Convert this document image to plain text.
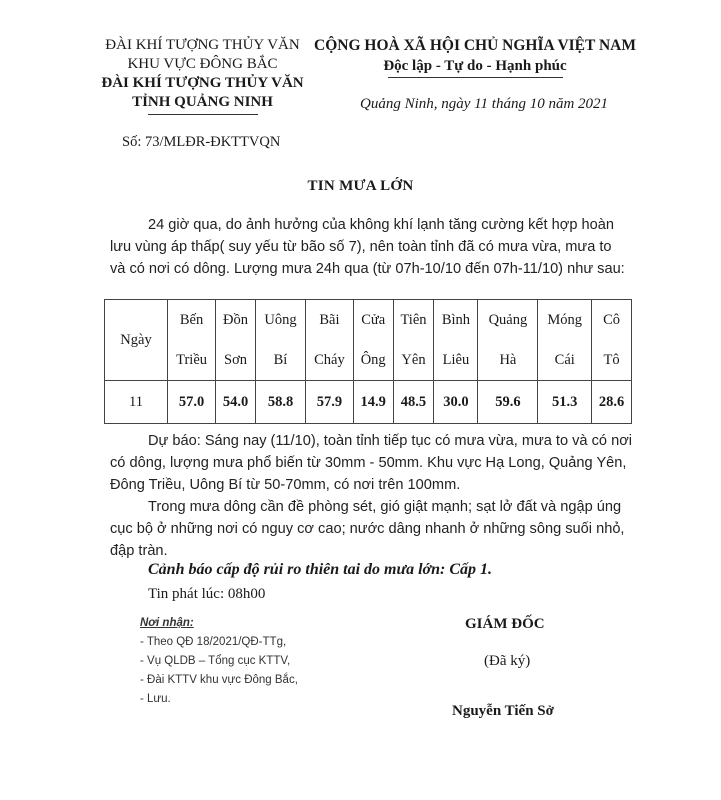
ĐÀI KHÍ TƯỢNG THỦY VĂN
KHU VỰC ĐÔNG BẮC
ĐÀI KHÍ TƯỢNG THỦY VĂN
TỈNH QUẢNG NINH
CỘNG HOÀ XÃ HỘI CHỦ NGHĨA VIỆT NAM
Độc lập - Tự do - Hạnh phúc
Quảng Ninh, ngày 11 tháng 10 năm 2021
Số: 73/MLĐR-ĐKTTVQN
TIN MƯA LỚN
24 giờ qua, do ảnh hưởng của không khí lạnh tăng cường kết hợp hoàn
lưu vùng áp thấp( suy yếu từ bão số 7), nên toàn tỉnh đã có mưa vừa, mưa to
và có nơi có dông. Lượng mưa 24h qua (từ 07h-10/10 đến 07h-11/10) như sau:
Ngày	Bến	Đồn	Uông	Bãi	Cửa	Tiên	Bình	Quảng	Móng	Cô
	Triều	Sơn	Bí	Cháy	Ông	Yên	Liêu	Hà	Cái	Tô
11	57.0	54.0	58.8	57.9	14.9	48.5	30.0	59.6	51.3	28.6
Dự báo: Sáng nay (11/10), toàn tỉnh tiếp tục có mưa vừa, mưa to và có nơi
có dông, lượng mưa phổ biến từ 30mm - 50mm. Khu vực Hạ Long, Quảng Yên,
Đông Triều, Uông Bí từ 50-70mm, có nơi trên 100mm.
Trong mưa dông cần đề phòng sét, gió giật mạnh; sạt lở đất và ngập úng
cục bộ ở những nơi có nguy cơ cao; nước dâng nhanh ở những sông suối nhỏ,
đập tràn.
Cảnh báo cấp độ rủi ro thiên tai do mưa lớn: Cấp 1.
Tin phát lúc: 08h00
Nơi nhận:
- Theo QĐ 18/2021/QĐ-TTg,
- Vụ QLDB – Tổng cục KTTV,
- Đài KTTV khu vực Đông Bắc,
- Lưu.
GIÁM ĐỐC
(Đã ký)
Nguyễn Tiến Sở
